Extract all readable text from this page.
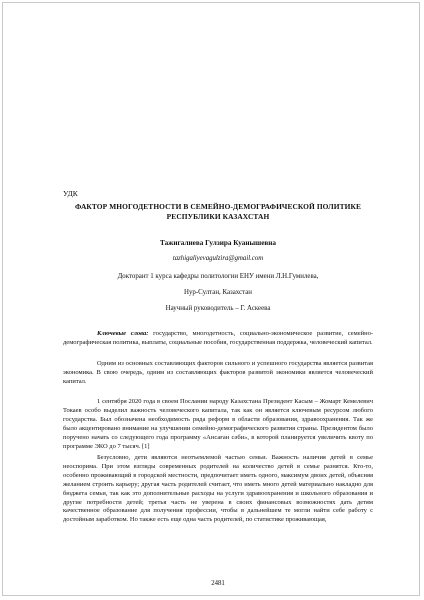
УДК
ФАКТОР МНОГОДЕТНОСТИ В СЕМЕЙНО-ДЕМОГРАФИЧЕСКОЙ ПОЛИТИКЕ РЕСПУБЛИКИ КАЗАХСТАН
Тажигалиева Гулзира Куанышевна
tazhigaliyevagulzira@gmail.com
Докторант 1 курса кафедры политологии ЕНУ имени Л.Н.Гумилева,
Нур-Султан, Казахстан
Научный руководитель – Г. Аскеева
Ключевые слова: государство, многодетность, социально-экономическое развитие, семейно-демографическая политика, выплаты, социальные пособия, государственная поддержка, человеческий капитал.
Одним из основных составляющих факторов сильного и успешного государства является развитая экономика. В свою очередь, одним из составляющих факторов развитой экономики является человеческий капитал.
1 сентября 2020 года в своем Послании народу Казахстана Президент Касым – Жомарт Кемелевич Токаев особо выделил важность человеческого капитала, так как он является ключевым ресурсом любого государства. Был обозначена необходимость ряда реформ в области образования, здравоохранения. Так же было акцентировано внимание на улучшении семейно-демографического развития страны. Президентом было поручено начать со следующего года программу «Ансаған сәби», в которой планируется увеличить квоту по программе ЭКО до 7 тысяч. [1]
Безусловно, дети являются неотъемлемой частью семьи. Важность наличия детей в семье неоспорима. При этом взгляды современных родителей на количество детей в семье разнятся. Кто-то, особенно проживающий в городской местности, предпочитает иметь одного, максимум двоих детей, объясняя желанием строить карьеру; другая часть родителей считает, что иметь много детей материально накладно для бюджета семьи, так как это дополнительные расходы на услуги здравоохранения и школьного образования и другие потребности детей; третья часть не уверена в своих финансовых возможностях дать детям качественное образование для получения профессии, чтобы в дальнейшем те могли найти себе работу с достойным заработком. Но также есть еще одна часть родителей, по статистике проживающая,
2481
